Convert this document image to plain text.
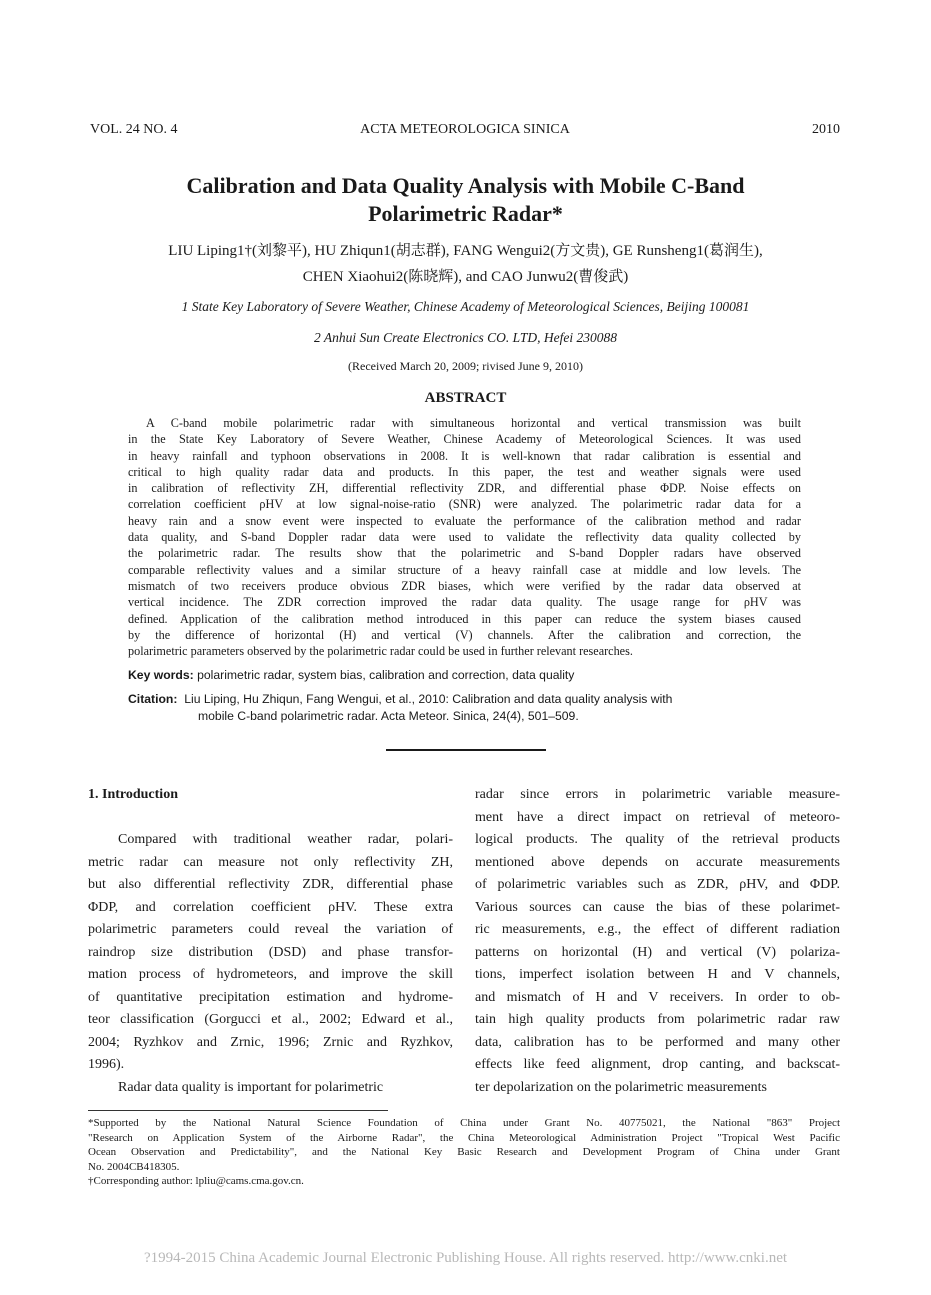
VOL. 24 NO. 4	ACTA METEOROLOGICA SINICA	2010
Calibration and Data Quality Analysis with Mobile C-Band
Polarimetric Radar*
LIU Liping1†(刘黎平), HU Zhiqun1(胡志群), FANG Wengui2(方文贵), GE Runsheng1(葛润生),
CHEN Xiaohui2(陈晓辉), and CAO Junwu2(曹俊武)
1 State Key Laboratory of Severe Weather, Chinese Academy of Meteorological Sciences, Beijing 100081
2 Anhui Sun Create Electronics CO. LTD, Hefei 230088
(Received March 20, 2009; rivised June 9, 2010)
ABSTRACT
A C-band mobile polarimetric radar with simultaneous horizontal and vertical transmission was built
in the State Key Laboratory of Severe Weather, Chinese Academy of Meteorological Sciences. It was used
in heavy rainfall and typhoon observations in 2008. It is well-known that radar calibration is essential and
critical to high quality radar data and products. In this paper, the test and weather signals were used
in calibration of reflectivity ZH, differential reflectivity ZDR, and differential phase ΦDP. Noise effects on
correlation coefficient ρHV at low signal-noise-ratio (SNR) were analyzed. The polarimetric radar data for a
heavy rain and a snow event were inspected to evaluate the performance of the calibration method and radar
data quality, and S-band Doppler radar data were used to validate the reflectivity data quality collected by
the polarimetric radar. The results show that the polarimetric and S-band Doppler radars have observed
comparable reflectivity values and a similar structure of a heavy rainfall case at middle and low levels. The
mismatch of two receivers produce obvious ZDR biases, which were verified by the radar data observed at
vertical incidence. The ZDR correction improved the radar data quality. The usage range for ρHV was
defined. Application of the calibration method introduced in this paper can reduce the system biases caused
by the difference of horizontal (H) and vertical (V) channels. After the calibration and correction, the
polarimetric parameters observed by the polarimetric radar could be used in further relevant researches.
Key words: polarimetric radar, system bias, calibration and correction, data quality
Citation: Liu Liping, Hu Zhiqun, Fang Wengui, et al., 2010: Calibration and data quality analysis with
mobile C-band polarimetric radar. Acta Meteor. Sinica, 24(4), 501–509.
1. Introduction
Compared with traditional weather radar, polari-
metric radar can measure not only reflectivity ZH,
but also differential reflectivity ZDR, differential phase
ΦDP, and correlation coefficient ρHV. These extra
polarimetric parameters could reveal the variation of
raindrop size distribution (DSD) and phase transfor-
mation process of hydrometeors, and improve the skill
of quantitative precipitation estimation and hydrome-
teor classification (Gorgucci et al., 2002; Edward et al.,
2004; Ryzhkov and Zrnic, 1996; Zrnic and Ryzhkov,
1996).
Radar data quality is important for polarimetric
radar since errors in polarimetric variable measure-
ment have a direct impact on retrieval of meteoro-
logical products. The quality of the retrieval products
mentioned above depends on accurate measurements
of polarimetric variables such as ZDR, ρHV, and ΦDP.
Various sources can cause the bias of these polarimet-
ric measurements, e.g., the effect of different radiation
patterns on horizontal (H) and vertical (V) polariza-
tions, imperfect isolation between H and V channels,
and mismatch of H and V receivers. In order to ob-
tain high quality products from polarimetric radar raw
data, calibration has to be performed and many other
effects like feed alignment, drop canting, and backscat-
ter depolarization on the polarimetric measurements
*Supported by the National Natural Science Foundation of China under Grant No. 40775021, the National "863" Project
"Research on Application System of the Airborne Radar", the China Meteorological Administration Project "Tropical West Pacific
Ocean Observation and Predictability", and the National Key Basic Research and Development Program of China under Grant
No. 2004CB418305.
†Corresponding author: lpliu@cams.cma.gov.cn.
?1994-2015 China Academic Journal Electronic Publishing House. All rights reserved. http://www.cnki.net
